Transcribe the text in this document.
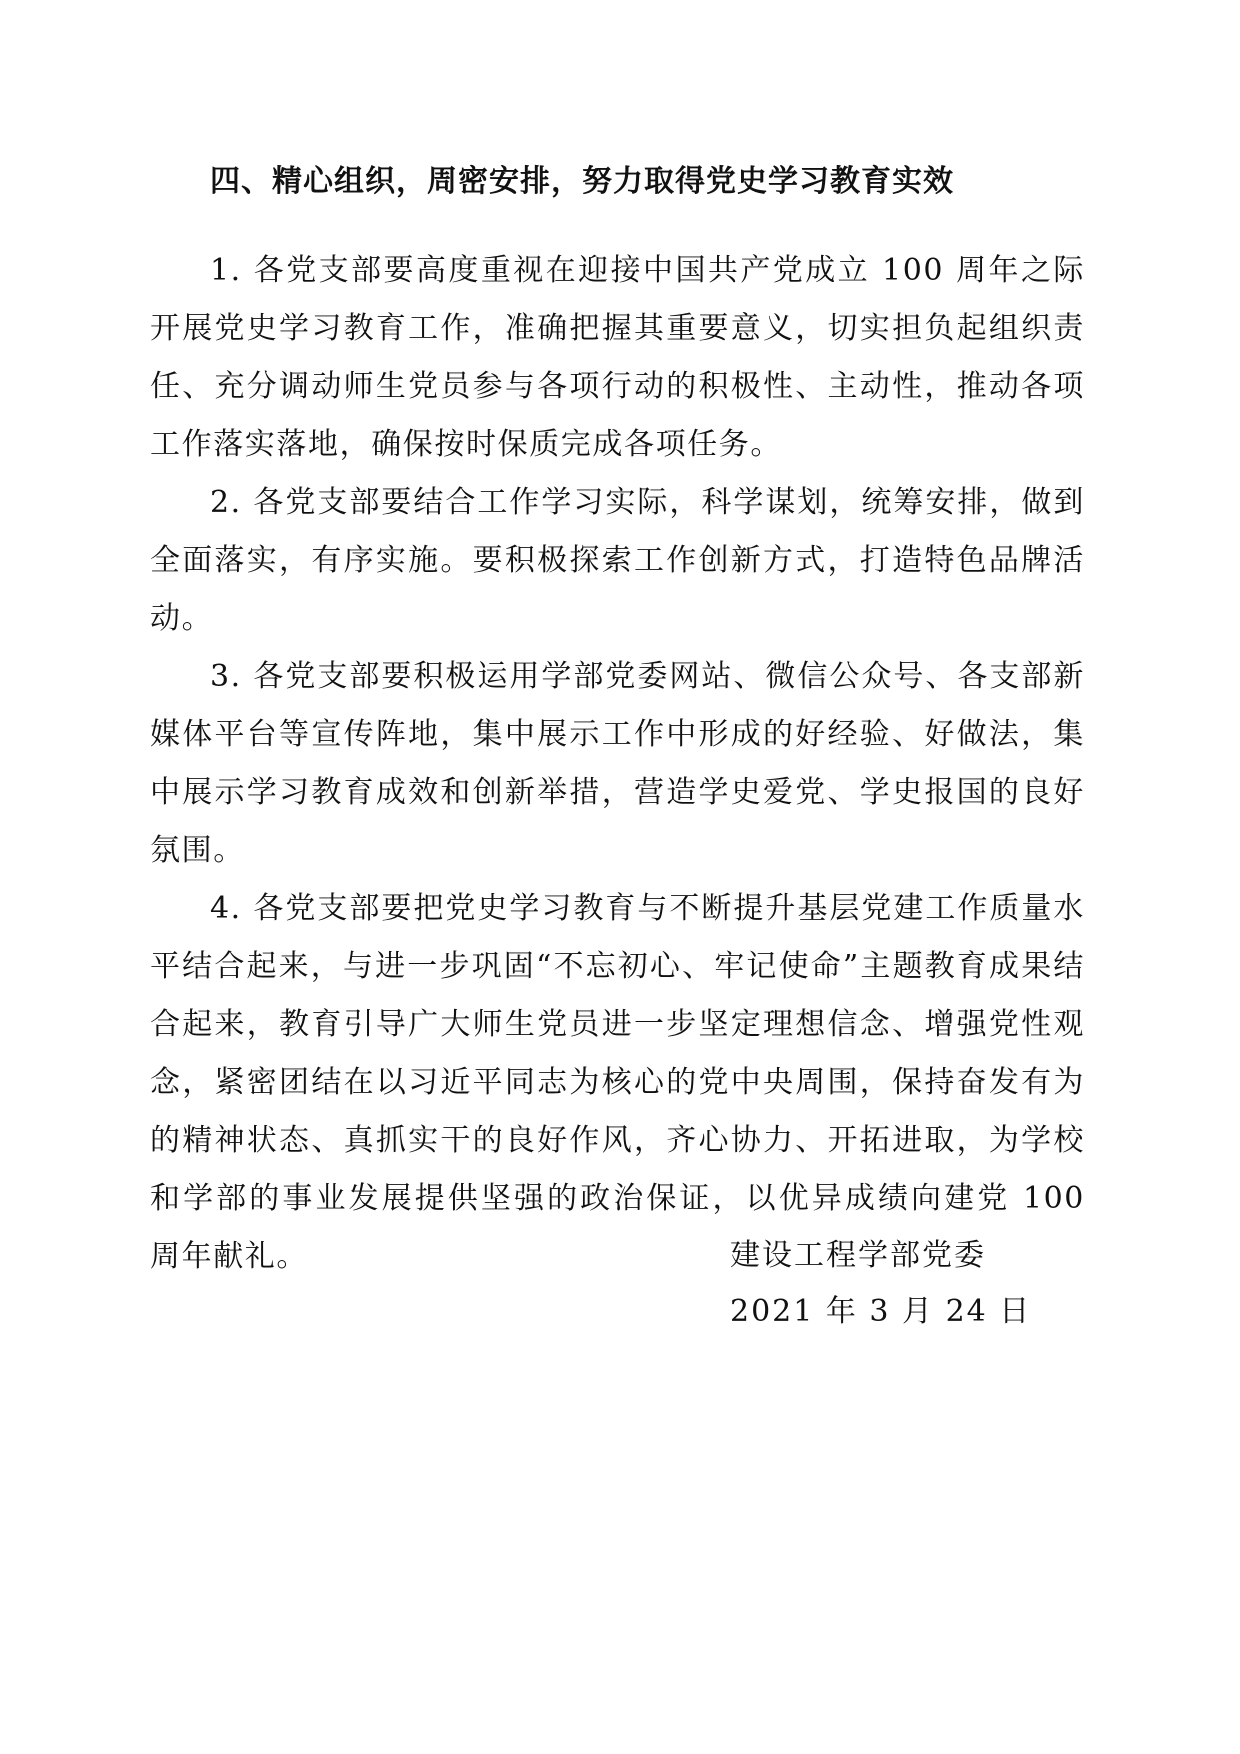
四、精心组织，周密安排，努力取得党史学习教育实效

1. 各党支部要高度重视在迎接中国共产党成立 100 周年之际开展党史学习教育工作，准确把握其重要意义，切实担负起组织责任、充分调动师生党员参与各项行动的积极性、主动性，推动各项工作落实落地，确保按时保质完成各项任务。

2. 各党支部要结合工作学习实际，科学谋划，统筹安排，做到全面落实，有序实施。要积极探索工作创新方式，打造特色品牌活动。

3. 各党支部要积极运用学部党委网站、微信公众号、各支部新媒体平台等宣传阵地，集中展示工作中形成的好经验、好做法，集中展示学习教育成效和创新举措，营造学史爱党、学史报国的良好氛围。

4. 各党支部要把党史学习教育与不断提升基层党建工作质量水平结合起来，与进一步巩固“不忘初心、牢记使命”主题教育成果结合起来，教育引导广大师生党员进一步坚定理想信念、增强党性观念，紧密团结在以习近平同志为核心的党中央周围，保持奋发有为的精神状态、真抓实干的良好作风，齐心协力、开拓进取，为学校和学部的事业发展提供坚强的政治保证，以优异成绩向建党 100 周年献礼。	建设工程学部党委
2021 年 3 月 24 日
